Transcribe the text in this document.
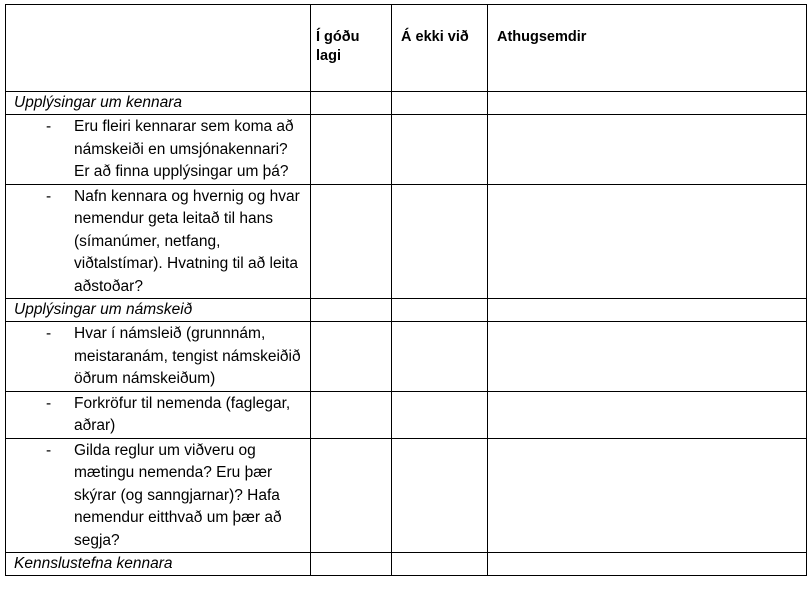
	Í góðu lagi	Á ekki við	Athugsemdir
Upplýsingar um kennara			

- Eru fleiri kennarar sem koma að námskeiði en umsjónakennari? Er að finna upplýsingar um þá?			

- Nafn kennara og hvernig og hvar nemendur geta leitað til hans (símanúmer, netfang, viðtalstímar). Hvatning til að leita aðstoðar?			

Upplýsingar um námskeið			

- Hvar í námsleið (grunnnám, meistaranám, tengist námskeiðið öðrum námskeiðum)			

- Forkröfur til nemenda (faglegar, aðrar)			

- Gilda reglur um viðveru og mætingu nemenda? Eru þær skýrar (og sanngjarnar)? Hafa nemendur eitthvað um þær að segja?			

Kennslustefna kennara			
